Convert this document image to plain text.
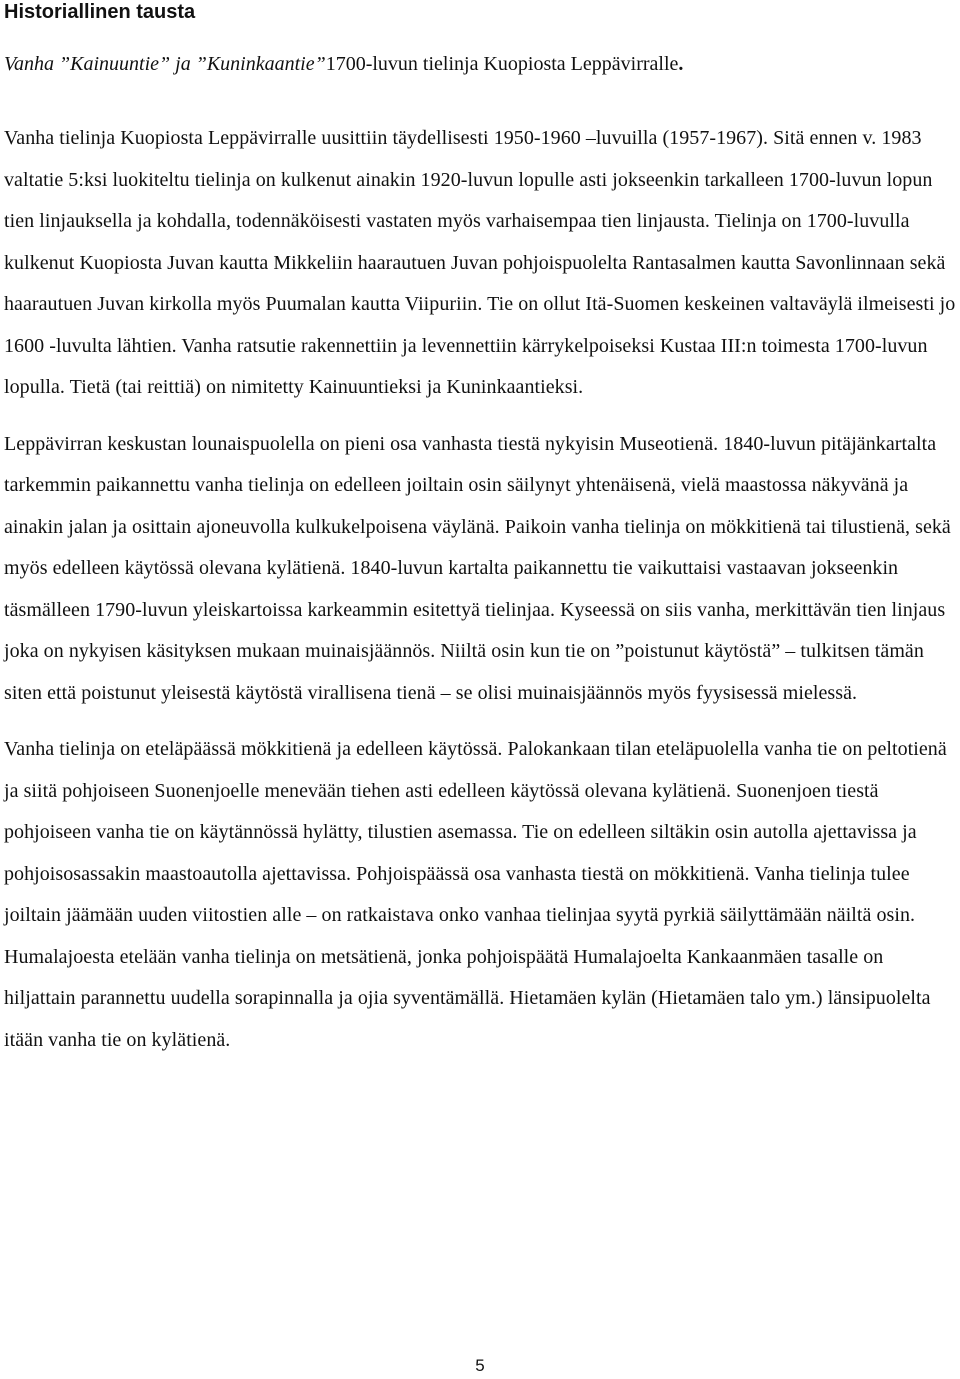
Historiallinen tausta
Vanha ”Kainuuntie” ja ”Kuninkaantie”1700-luvun tielinja Kuopiosta Leppävirralle.

Vanha tielinja Kuopiosta Leppävirralle uusittiin täydellisesti 1950-1960 –luvuilla (1957-1967). Sitä ennen v. 1983 valtatie 5:ksi luokiteltu tielinja on kulkenut ainakin 1920-luvun lopulle asti jokseenkin tarkalleen 1700-luvun lopun tien linjauksella ja kohdalla, todennäköisesti vastaten myös varhaisempaa tien linjausta. Tielinja on 1700-luvulla kulkenut Kuopiosta Juvan kautta Mikkeliin haarautuen Juvan pohjoispuolelta Rantasalmen kautta Savonlinnaan sekä haarautuen Juvan kirkolla myös Puumalan kautta Viipuriin. Tie on ollut Itä-Suomen keskeinen valtaväylä ilmeisesti jo 1600 -luvulta lähtien. Vanha ratsutie rakennettiin ja levennettiin kärrykelpoiseksi Kustaa III:n toimesta 1700-luvun lopulla. Tietä (tai reittiä) on nimitetty Kainuuntieksi ja Kuninkaantieksi.

Leppävirran keskustan lounaispuolella on pieni osa vanhasta tiestä nykyisin Museotienä. 1840-luvun pitäjänkartalta tarkemmin paikannettu vanha tielinja on edelleen joiltain osin säilynyt yhtenäisenä, vielä maastossa näkyvänä ja ainakin jalan ja osittain ajoneuvolla kulkukelpoisena väylänä. Paikoin vanha tielinja on mökkitienä tai tilustienä, sekä myös edelleen käytössä olevana kylätienä. 1840-luvun kartalta paikannettu tie vaikuttaisi vastaavan jokseenkin täsmälleen 1790-luvun yleiskartoissa karkeammin esitettyä tielinjaa. Kyseessä on siis vanha, merkittävän tien linjaus joka on nykyisen käsityksen mukaan muinaisjäännös. Niiltä osin kun tie on ”poistunut käytöstä” – tulkitsen tämän siten että poistunut yleisestä käytöstä virallisena tienä – se olisi muinaisjäännös myös fyysisessä mielessä.

Vanha tielinja on eteläpäässä mökkitienä ja edelleen käytössä. Palokankaan tilan eteläpuolella vanha tie on peltotienä ja siitä pohjoiseen Suonenjoelle menevään tiehen asti edelleen käytössä olevana kylätienä. Suonenjoen tiestä pohjoiseen vanha tie on käytännössä hylätty, tilustien asemassa. Tie on edelleen siltäkin osin autolla ajettavissa ja pohjoisosassakin maastoautolla ajettavissa. Pohjoispäässä osa vanhasta tiestä on mökkitienä. Vanha tielinja tulee joiltain jäämään uuden viitostien alle – on ratkaistava onko vanhaa tielinjaa syytä pyrkiä säilyttämään näiltä osin. Humalajoesta etelään vanha tielinja on metsätienä, jonka pohjoispäätä Humalajoelta Kankaanmäen tasalle on hiljattain parannettu uudella sorapinnalla ja ojia syventämällä. Hietamäen kylän (Hietamäen talo ym.) länsipuolelta itään vanha tie on kylätienä.

5
